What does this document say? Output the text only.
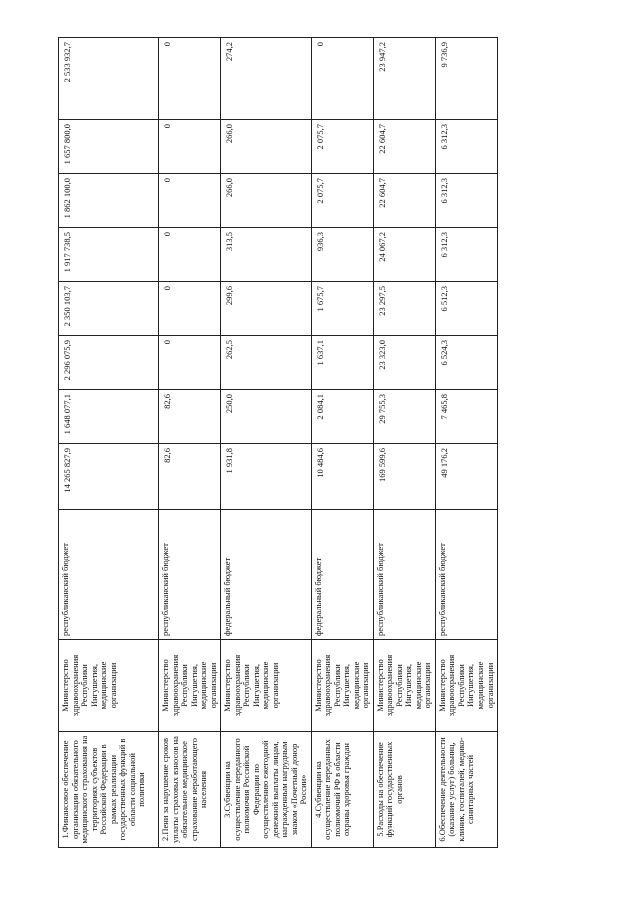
1.Финансовое обеспечение организации обязательного медицинского страхования на территориях субъектов Российской Федерации в рамках реализации государственных функций в области социальной политики	Министерство здравоохранения Республики Ингушетия, медицинские организации	республиканский бюджет	14 265 827,9	1 648 077,1	2 296 075,9	2 350 103,7	1 917 738,5	1 862 100,0	1 657 800,0	2 533 932,7
2.Пени за нарушение сроков уплаты страховых взносов на обязательное медицинское страхование неработающего населения	Министерство здравоохранения Республики Ингушетия, медицинские организации	республиканский бюджет	82,6	82,6	0	0	0	0	0	0
3.Субвенции на осуществление переданного полномочия Российской Федерации по осуществлению ежегодной денежной выплаты лицам, награжденным нагрудным знаком «Почетный донор России»	Министерство здравоохранения Республики Ингушетия, медицинские организации	федеральный бюджет	1 931,8	250,0	262,5	299,6	313,5	266,0	266,0	274,2
4.Субвенции на осуществление переданных полномочий РФ в области охраны здоровья граждан	Министерство здравоохранения Республики Ингушетия, медицинские организации	федеральный бюджет	10 484,6	2 084,1	1 637,1	1 675,7	936,3	2 075,7	2 075,7	0
5.Расходы на обеспечение функций государственных органов	Министерство здравоохранения Республики Ингушетия, медицинские организации	республиканский бюджет	169 599,6	29 755,3	23 323,0	23 297,5	24 067,2	22 604,7	22 604,7	23 947,2
6.Обеспечение деятельности (оказание услуг) больниц, клиник, госпиталей, медико-санитарных частей	Министерство здравоохранения Республики Ингушетия, медицинские организации	республиканский бюджет	49 176,2	7 465,8	6 524,3	6 512,3	6 312,3	6 312,3	6 312,3	9 736,9
